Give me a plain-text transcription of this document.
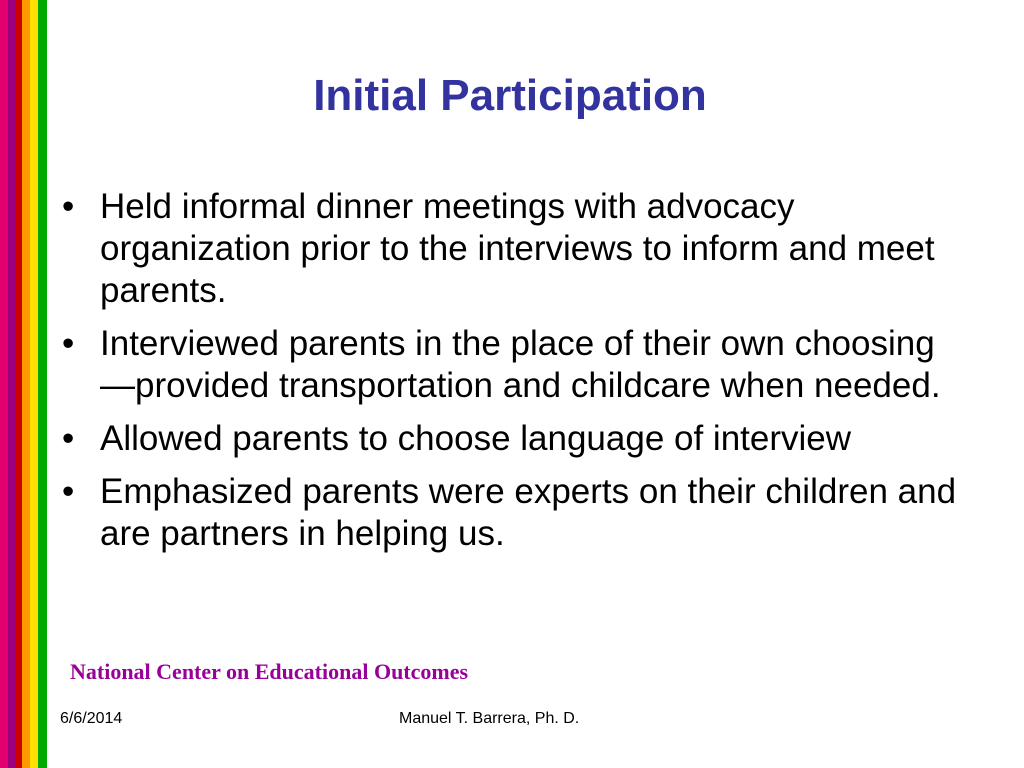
Initial Participation
• Held informal dinner meetings with advocacy organization prior to the interviews to inform and meet parents.
• Interviewed parents in the place of their own choosing—provided transportation and childcare when needed.
• Allowed parents to choose language of interview
• Emphasized parents were experts on their children and are partners in helping us.

National Center on Educational Outcomes

6/6/2014	Manuel T. Barrera, Ph. D.
